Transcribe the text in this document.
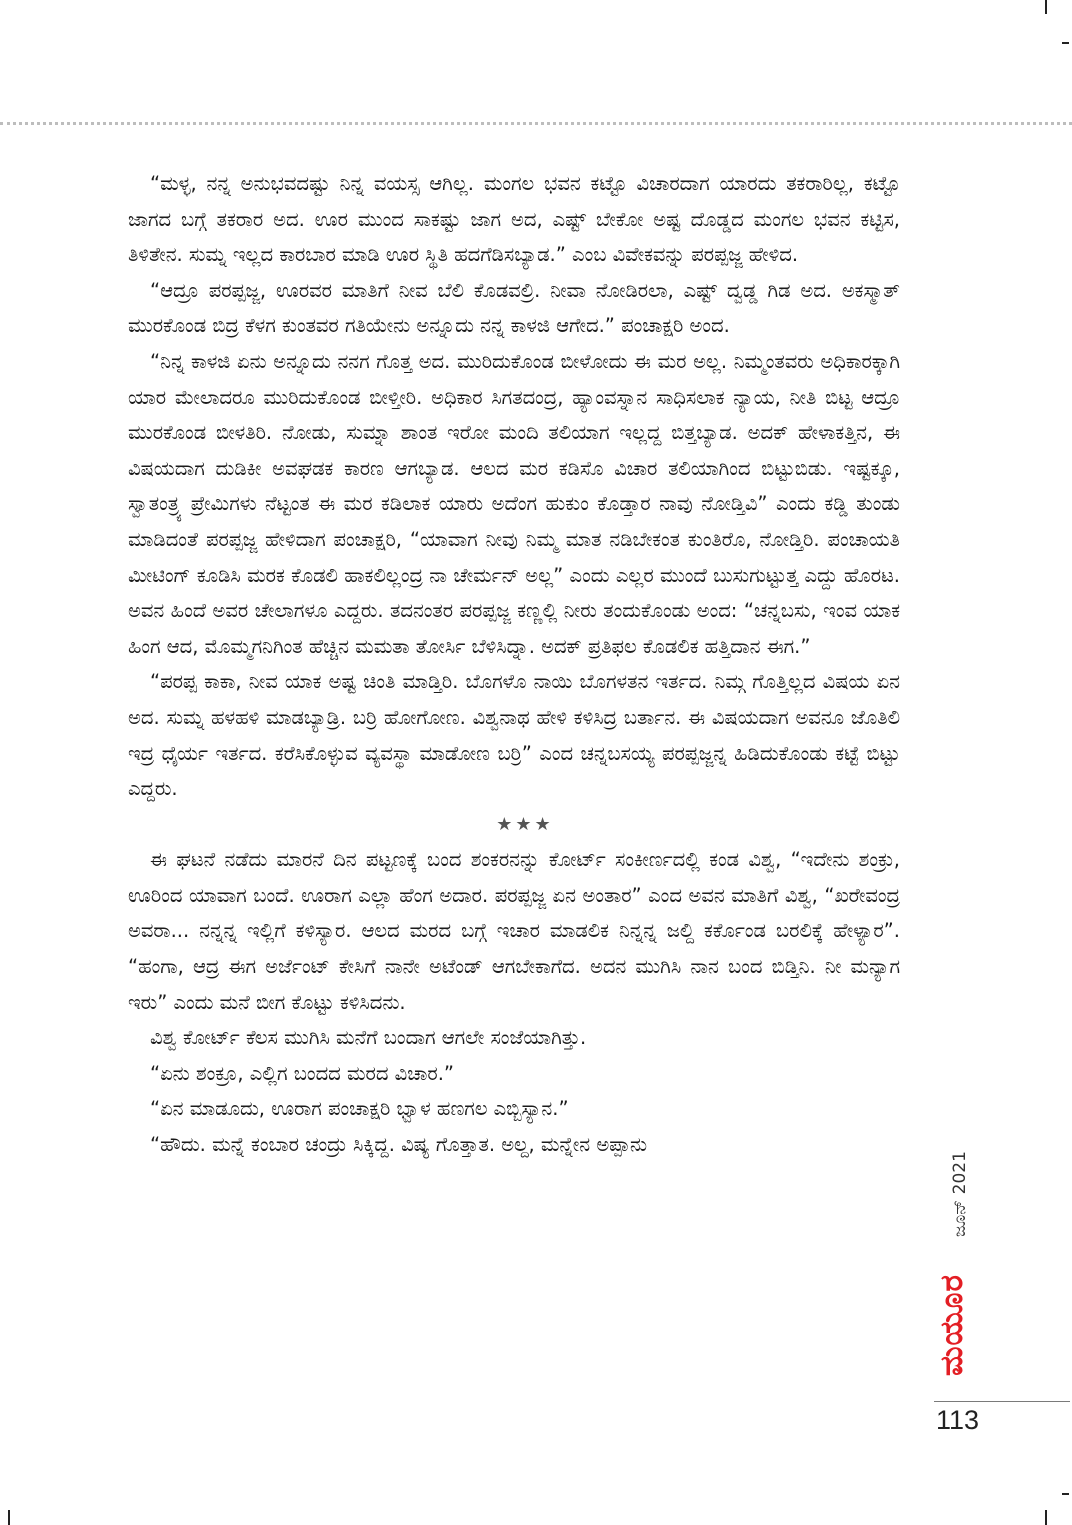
“ಮಳ್ಳ, ನನ್ನ ಅನುಭವದಷ್ಟು ನಿನ್ನ ವಯಸ್ಸ ಆಗಿಲ್ಲ. ಮಂಗಲ ಭವನ ಕಟ್ಟೊ ವಿಚಾರದಾಗ ಯಾರದು ತಕರಾರಿಲ್ಲ, ಕಟ್ಟೊ ಜಾಗದ ಬಗ್ಗೆ ತಕರಾರ ಅದ. ಊರ ಮುಂದ ಸಾಕಷ್ಟು ಜಾಗ ಅದ, ಎಷ್ಟ್ ಬೇಕೋ ಅಷ್ಟ ದೊಡ್ಡದ ಮಂಗಲ ಭವನ ಕಟ್ಟಿಸ, ತಿಳಿತೇನ. ಸುಮ್ನ ಇಲ್ಲದ ಕಾರಬಾರ ಮಾಡಿ ಊರ ಸ್ಥಿತಿ ಹದಗೆಡಿಸಬ್ಯಾಡ.” ಎಂಬ ವಿವೇಕವನ್ನು ಪರಪ್ಪಜ್ಜ ಹೇಳಿದ.

“ಆದ್ರೂ ಪರಪ್ಪಜ್ಜ, ಊರವರ ಮಾತಿಗೆ ನೀವ ಬೆಲಿ ಕೊಡವಲ್ರಿ. ನೀವಾ ನೋಡಿರಲಾ, ಎಷ್ಟ್ ದ್ವಡ್ಡ ಗಿಡ ಅದ. ಅಕಸ್ಮಾತ್ ಮುರಕೊಂಡ ಬಿದ್ರ ಕೆಳಗ ಕುಂತವರ ಗತಿಯೇನು ಅನ್ನೂದು ನನ್ನ ಕಾಳಜಿ ಆಗೇದ.” ಪಂಚಾಕ್ಷರಿ ಅಂದ.

“ನಿನ್ನ ಕಾಳಜಿ ಏನು ಅನ್ನೂದು ನನಗ ಗೊತ್ತ ಅದ. ಮುರಿದುಕೊಂಡ ಬೀಳೋದು ಈ ಮರ ಅಲ್ಲ. ನಿಮ್ಮಂತವರು ಅಧಿಕಾರಕ್ಕಾಗಿ ಯಾರ ಮೇಲಾದರೂ ಮುರಿದುಕೊಂಡ ಬೀಳ್ತೀರಿ. ಅಧಿಕಾರ ಸಿಗತದಂದ್ರ, ಹ್ಯಾಂವಸ್ನಾನ ಸಾಧಿಸಲಾಕ ನ್ಯಾಯ, ನೀತಿ ಬಿಟ್ಟ ಆದ್ರೂ ಮುರಕೊಂಡ ಬೀಳತಿರಿ. ನೋಡು, ಸುಮ್ನಾ ಶಾಂತ ಇರೋ ಮಂದಿ ತಲಿಯಾಗ ಇಲ್ಲದ್ದ ಬಿತ್ತಬ್ಯಾಡ. ಅದಕ್ ಹೇಳಾಕತ್ತಿನ, ಈ ವಿಷಯದಾಗ ದುಡಿಕೀ ಅವಘಡಕ ಕಾರಣ ಆಗಬ್ಯಾಡ. ಆಲದ ಮರ ಕಡಿಸೊ ವಿಚಾರ ತಲಿಯಾಗಿಂದ ಬಿಟ್ಟುಬಿಡು. ಇಷ್ಟಕ್ಕೂ, ಸ್ವಾತಂತ್ರ್ಯ ಪ್ರೇಮಿಗಳು ನೆಟ್ಟಂತ ಈ ಮರ ಕಡಿಲಾಕ ಯಾರು ಅದೆಂಗ ಹುಕುಂ ಕೊಡ್ತಾರ ನಾವು ನೋಡ್ತಿವಿ” ಎಂದು ಕಡ್ಡಿ ತುಂಡು ಮಾಡಿದಂತೆ ಪರಪ್ಪಜ್ಜ ಹೇಳಿದಾಗ ಪಂಚಾಕ್ಷರಿ, “ಯಾವಾಗ ನೀವು ನಿಮ್ಮ ಮಾತ ನಡಿಬೇಕಂತ ಕುಂತಿರೊ, ನೋಡ್ತಿರಿ. ಪಂಚಾಯತಿ ಮೀಟಿಂಗ್ ಕೂಡಿಸಿ ಮರಕ ಕೊಡಲಿ ಹಾಕಲಿಲ್ಲಂದ್ರ ನಾ ಚೇರ್ಮನ್ ಅಲ್ಲ” ಎಂದು ಎಲ್ಲರ ಮುಂದೆ ಬುಸುಗುಟ್ಟುತ್ತ ಎದ್ದು ಹೊರಟ. ಅವನ ಹಿಂದೆ ಅವರ ಚೇಲಾಗಳೂ ಎದ್ದರು. ತದನಂತರ ಪರಪ್ಪಜ್ಜ ಕಣ್ಣಲ್ಲಿ ನೀರು ತಂದುಕೊಂಡು ಅಂದ: “ಚನ್ನಬಸು, ಇಂವ ಯಾಕ ಹಿಂಗ ಆದ, ಮೊಮ್ಮಗನಿಗಿಂತ ಹೆಚ್ಚಿನ ಮಮತಾ ತೋರ್ಸಿ ಬೆಳಿಸಿದ್ನಾ. ಅದಕ್ ಪ್ರತಿಫಲ ಕೊಡಲಿಕ ಹತ್ತಿದಾನ ಈಗ.”

“ಪರಪ್ಪ ಕಾಕಾ, ನೀವ ಯಾಕ ಅಷ್ಟ ಚಿಂತಿ ಮಾಡ್ತಿರಿ. ಬೊಗಳೊ ನಾಯಿ ಬೊಗಳತನ ಇರ್ತದ. ನಿಮ್ಗ ಗೊತ್ತಿಲ್ಲದ ವಿಷಯ ಏನ ಅದ. ಸುಮ್ನ ಹಳಹಳಿ ಮಾಡಬ್ಯಾಡ್ರಿ. ಬರ್ರಿ ಹೋಗೋಣ. ವಿಶ್ವನಾಥ ಹೇಳಿ ಕಳಿಸಿದ್ರ ಬರ್ತಾನ. ಈ ವಿಷಯದಾಗ ಅವನೂ ಜೊತಿಲಿ ಇದ್ರ ಧೈರ್ಯ ಇರ್ತದ. ಕರೆಸಿಕೊಳ್ಳುವ ವ್ಯವಸ್ಥಾ ಮಾಡೋಣ ಬರ್ರಿ” ಎಂದ ಚನ್ನಬಸಯ್ಯ ಪರಪ್ಪಜ್ಜನ್ನ ಹಿಡಿದುಕೊಂಡು ಕಟ್ಟೆ ಬಿಟ್ಟು ಎದ್ದರು.

★★★

ಈ ಘಟನೆ ನಡೆದು ಮಾರನೆ ದಿನ ಪಟ್ಟಣಕ್ಕೆ ಬಂದ ಶಂಕರನನ್ನು ಕೋರ್ಟ್ ಸಂಕೀರ್ಣದಲ್ಲಿ ಕಂಡ ವಿಶ್ವ, “ಇದೇನು ಶಂಕ್ರು, ಊರಿಂದ ಯಾವಾಗ ಬಂದೆ. ಊರಾಗ ಎಲ್ಲಾ ಹೆಂಗ ಅದಾರ. ಪರಪ್ಪಜ್ಜ ಏನ ಅಂತಾರ” ಎಂದ ಅವನ ಮಾತಿಗೆ ವಿಶ್ವ, “ಖರೇವಂದ್ರ ಅವರಾ... ನನ್ನನ್ನ ಇಲ್ಲಿಗೆ ಕಳಿಸ್ಯಾರ. ಆಲದ ಮರದ ಬಗ್ಗೆ ಇಚಾರ ಮಾಡಲಿಕ ನಿನ್ನನ್ನ ಜಲ್ದಿ ಕರ್ಕೊಂಡ ಬರಲಿಕ್ಕೆ ಹೇಳ್ಯಾರ”. “ಹಂಗಾ, ಆದ್ರ ಈಗ ಅರ್ಜೆಂಟ್ ಕೇಸಿಗೆ ನಾನೇ ಅಟೆಂಡ್ ಆಗಬೇಕಾಗೆದ. ಅದನ ಮುಗಿಸಿ ನಾನ ಬಂದ ಬಿಡ್ತಿನಿ. ನೀ ಮನ್ಯಾಗ ಇರು” ಎಂದು ಮನೆ ಬೀಗ ಕೊಟ್ಟು ಕಳಿಸಿದನು.

ವಿಶ್ವ ಕೋರ್ಟ್ ಕೆಲಸ ಮುಗಿಸಿ ಮನೆಗೆ ಬಂದಾಗ ಆಗಲೇ ಸಂಜೆಯಾಗಿತ್ತು.

“ಏನು ಶಂಕ್ರೂ, ಎಲ್ಲಿಗ ಬಂದದ ಮರದ ವಿಚಾರ.”

“ಏನ ಮಾಡೂದು, ಊರಾಗ ಪಂಚಾಕ್ಷರಿ ಭ್ವಾಳ ಹಣಗಲ ಎಬ್ಬಿಸ್ಯಾನ.”

“ಹೌದು. ಮನ್ನೆ ಕಂಬಾರ ಚಂದ್ರು ಸಿಕ್ಕಿದ್ದ. ವಿಷ್ಯ ಗೊತ್ತಾತ. ಅಲ್ದ, ಮನ್ನೇನ ಅಪ್ಪಾನು

ಜೂನ್ 2021
ಮಯೂರ
113
